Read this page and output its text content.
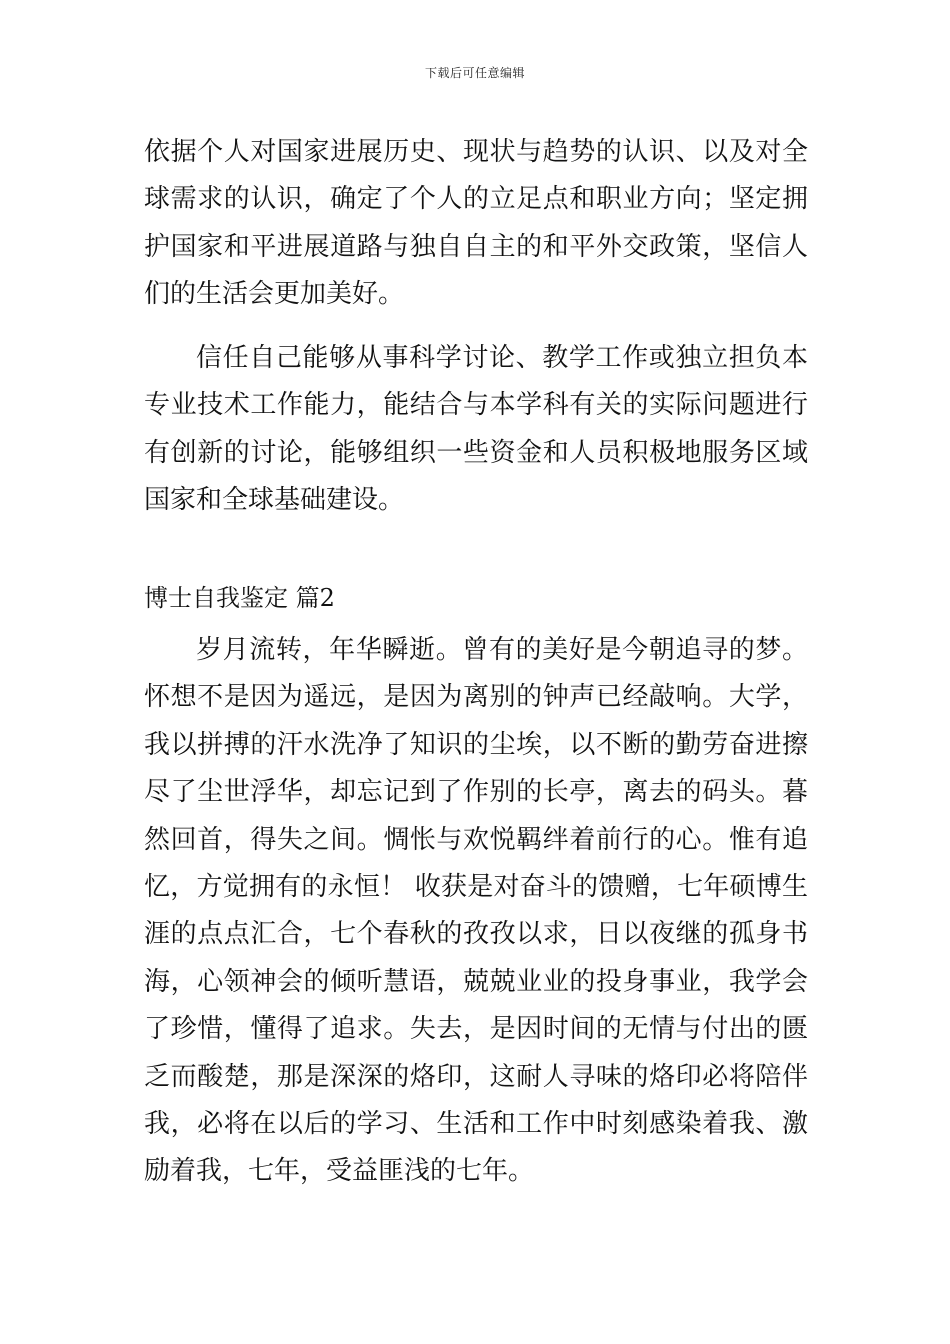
下载后可任意编辑
依据个人对国家进展历史、现状与趋势的认识、以及对全
球需求的认识，确定了个人的立足点和职业方向；坚定拥
护国家和平进展道路与独自自主的和平外交政策，坚信人
们的生活会更加美好。
信任自己能够从事科学讨论、教学工作或独立担负本
专业技术工作能力，能结合与本学科有关的实际问题进行
有创新的讨论，能够组织一些资金和人员积极地服务区域
国家和全球基础建设。
博士自我鉴定 篇2
岁月流转，年华瞬逝。曾有的美好是今朝追寻的梦。
怀想不是因为遥远，是因为离别的钟声已经敲响。大学，
我以拼搏的汗水洗净了知识的尘埃，以不断的勤劳奋进擦
尽了尘世浮华，却忘记到了作别的长亭，离去的码头。暮
然回首，得失之间。惆怅与欢悦羁绊着前行的心。惟有追
忆，方觉拥有的永恒！ 收获是对奋斗的馈赠，七年硕博生
涯的点点汇合，七个春秋的孜孜以求，日以夜继的孤身书
海，心领神会的倾听慧语，兢兢业业的投身事业，我学会
了珍惜，懂得了追求。失去，是因时间的无情与付出的匮
乏而酸楚，那是深深的烙印，这耐人寻味的烙印必将陪伴
我，必将在以后的学习、生活和工作中时刻感染着我、激
励着我，七年，受益匪浅的七年。
